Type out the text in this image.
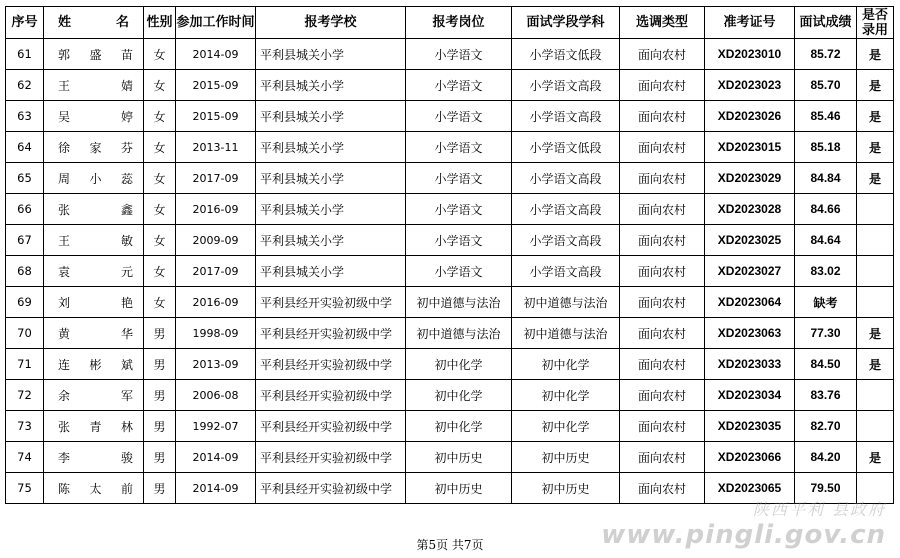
序号	姓 名	性别	参加工作时间	报考学校	报考岗位	面试学段学科	选调类型	准考证号	面试成绩	是否录用
61	郭 盛 苗	女	2014-09	平利县城关小学	小学语文	小学语文低段	面向农村	XD2023010	85.72	是
62	王 婧	女	2015-09	平利县城关小学	小学语文	小学语文高段	面向农村	XD2023023	85.70	是
63	吴 婷	女	2015-09	平利县城关小学	小学语文	小学语文高段	面向农村	XD2023026	85.46	是
64	徐 家 芬	女	2013-11	平利县城关小学	小学语文	小学语文低段	面向农村	XD2023015	85.18	是
65	周 小 蕊	女	2017-09	平利县城关小学	小学语文	小学语文高段	面向农村	XD2023029	84.84	是
66	张 鑫	女	2016-09	平利县城关小学	小学语文	小学语文高段	面向农村	XD2023028	84.66	
67	王 敏	女	2009-09	平利县城关小学	小学语文	小学语文高段	面向农村	XD2023025	84.64	
68	袁 元	女	2017-09	平利县城关小学	小学语文	小学语文高段	面向农村	XD2023027	83.02	
69	刘 艳	女	2016-09	平利县经开实验初级中学	初中道德与法治	初中道德与法治	面向农村	XD2023064	缺考	
70	黄 华	男	1998-09	平利县经开实验初级中学	初中道德与法治	初中道德与法治	面向农村	XD2023063	77.30	是
71	连 彬 斌	男	2013-09	平利县经开实验初级中学	初中化学	初中化学	面向农村	XD2023033	84.50	是
72	余 军	男	2006-08	平利县经开实验初级中学	初中化学	初中化学	面向农村	XD2023034	83.76	
73	张 青 林	男	1992-07	平利县经开实验初级中学	初中化学	初中化学	面向农村	XD2023035	82.70	
74	李 骏	男	2014-09	平利县经开实验初级中学	初中历史	初中历史	面向农村	XD2023066	84.20	是
75	陈 太 前	男	2014-09	平利县经开实验初级中学	初中历史	初中历史	面向农村	XD2023065	79.50	
第5页 共7页
陕西平利 县政府
www.pingli.gov.cn
